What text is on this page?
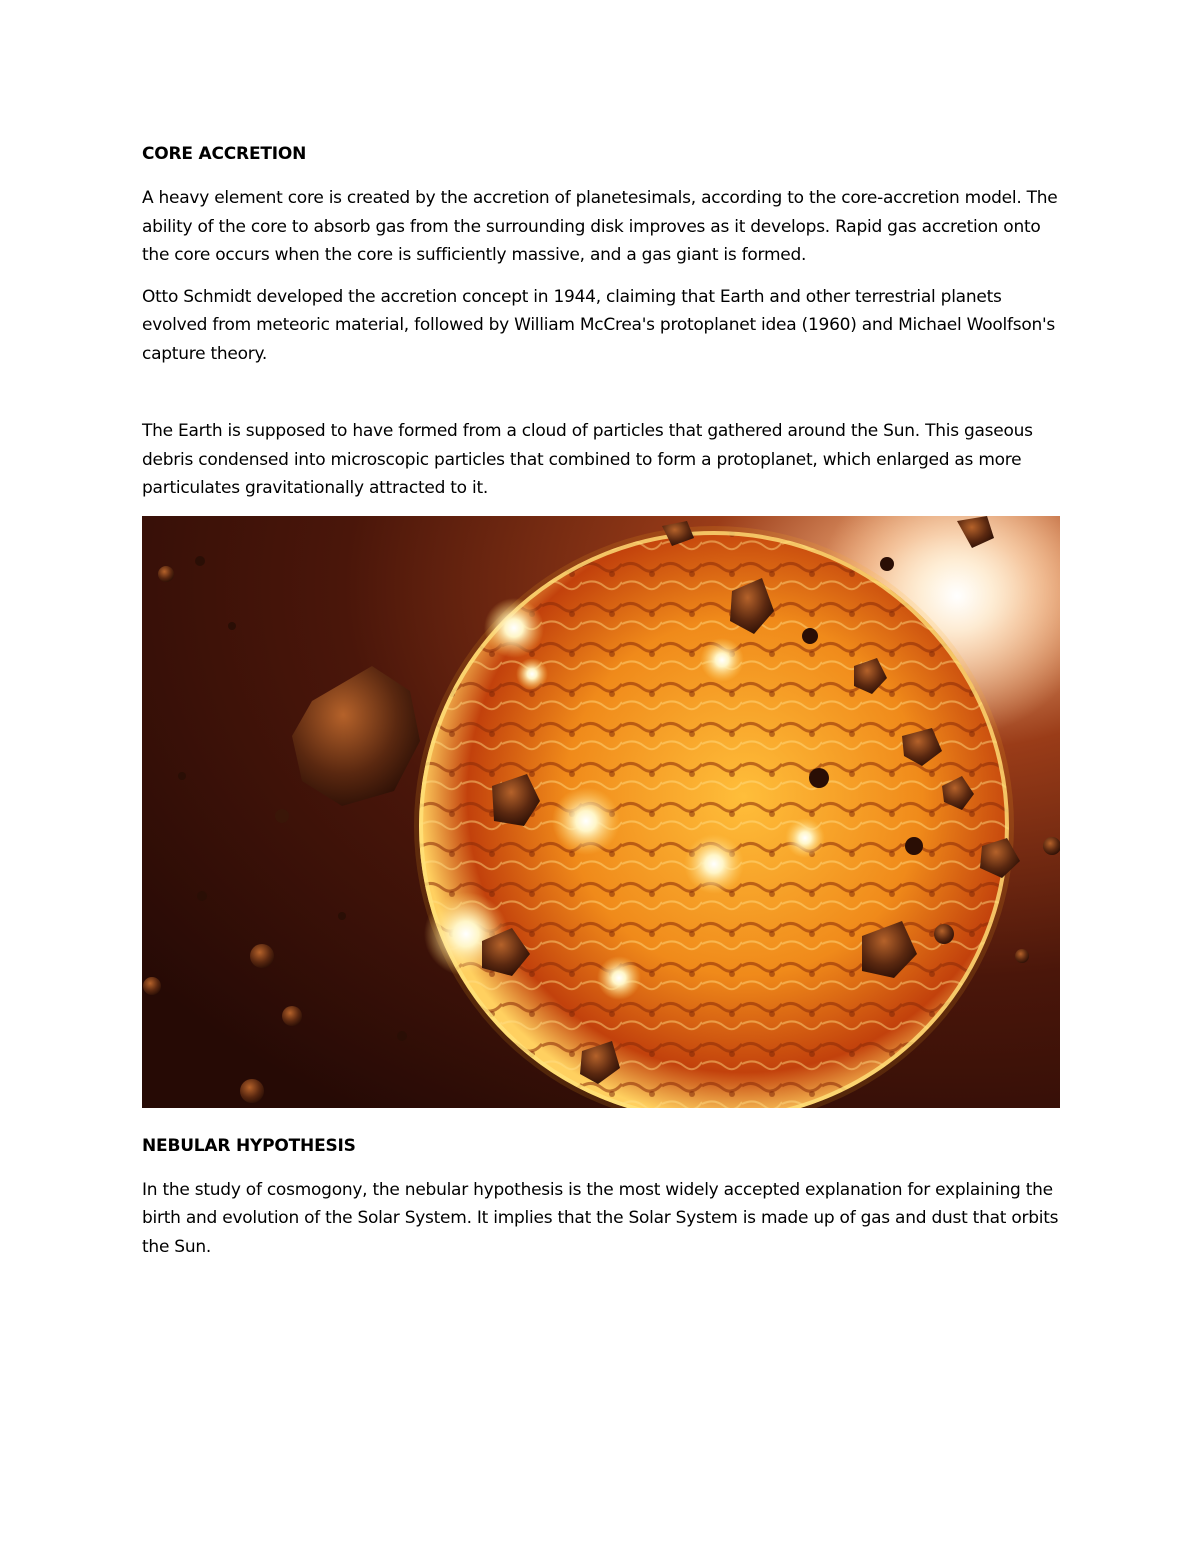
CORE ACCRETION

A heavy element core is created by the accretion of planetesimals, according to the core-accretion model. The ability of the core to absorb gas from the surrounding disk improves as it develops. Rapid gas accretion onto the core occurs when the core is sufficiently massive, and a gas giant is formed.

Otto Schmidt developed the accretion concept in 1944, claiming that Earth and other terrestrial planets evolved from meteoric material, followed by William McCrea's protoplanet idea (1960) and Michael Woolfson's capture theory.

The Earth is supposed to have formed from a cloud of particles that gathered around the Sun. This gaseous debris condensed into microscopic particles that combined to form a protoplanet, which enlarged as more particulates gravitationally attracted to it.

NEBULAR HYPOTHESIS

In the study of cosmogony, the nebular hypothesis is the most widely accepted explanation for explaining the birth and evolution of the Solar System. It implies that the Solar System is made up of gas and dust that orbits the Sun.
